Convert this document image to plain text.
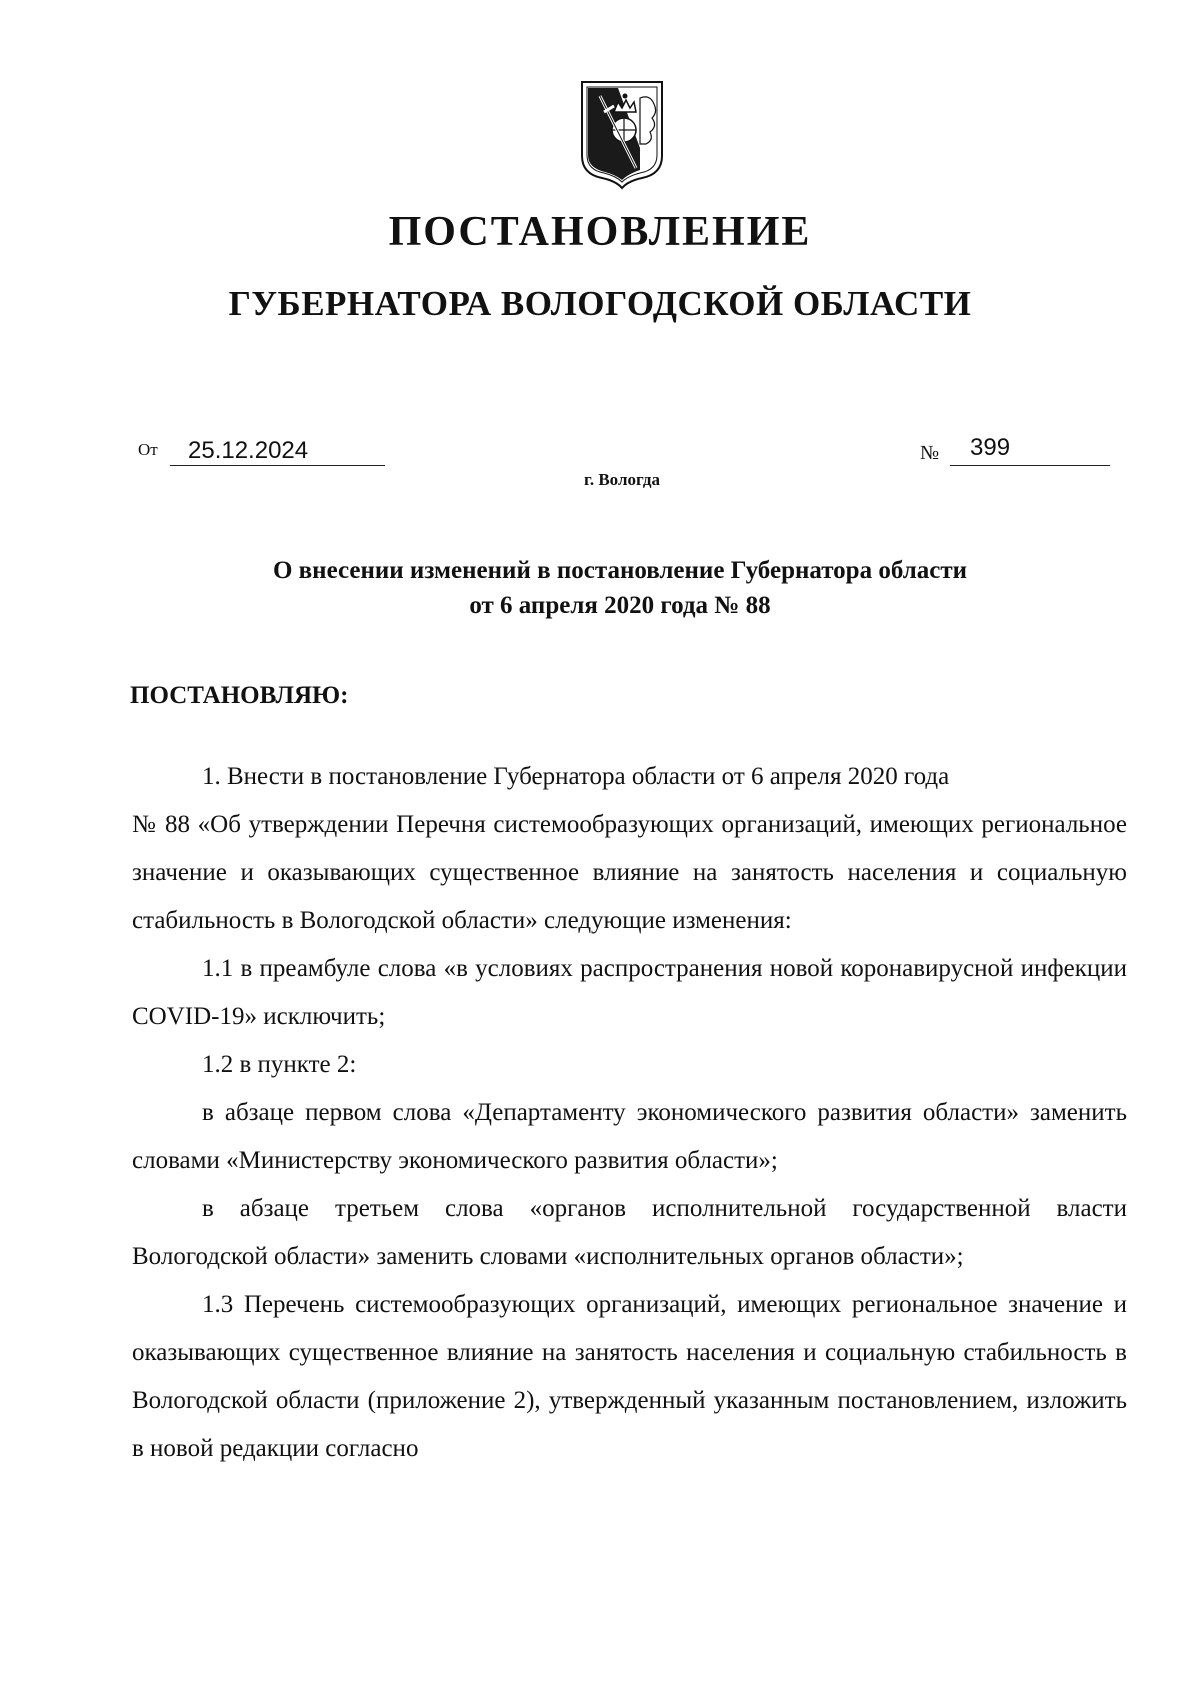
ПОСТАНОВЛЕНИЕ
ГУБЕРНАТОРА ВОЛОГОДСКОЙ ОБЛАСТИ
От	25.12.2024	№ 399
г. Вологда
О внесении изменений в постановление Губернатора области
от 6 апреля 2020 года № 88
ПОСТАНОВЛЯЮ:

1. Внести в постановление Губернатора области от 6 апреля 2020 года

№ 88 «Об утверждении Перечня системообразующих организаций, имеющих региональное значение и оказывающих существенное влияние на занятость населения и социальную стабильность в Вологодской области» следующие изменения:

1.1 в преамбуле слова «в условиях распространения новой коронавирусной инфекции COVID-19» исключить;

1.2 в пункте 2:

в абзаце первом слова «Департаменту экономического развития области» заменить словами «Министерству экономического развития области»;

в абзаце третьем слова «органов исполнительной государственной власти Вологодской области» заменить словами «исполнительных органов области»;

1.3 Перечень системообразующих организаций, имеющих региональное значение и оказывающих существенное влияние на занятость населения и социальную стабильность в Вологодской области (приложение 2), утвержденный указанным постановлением, изложить в новой редакции согласно
